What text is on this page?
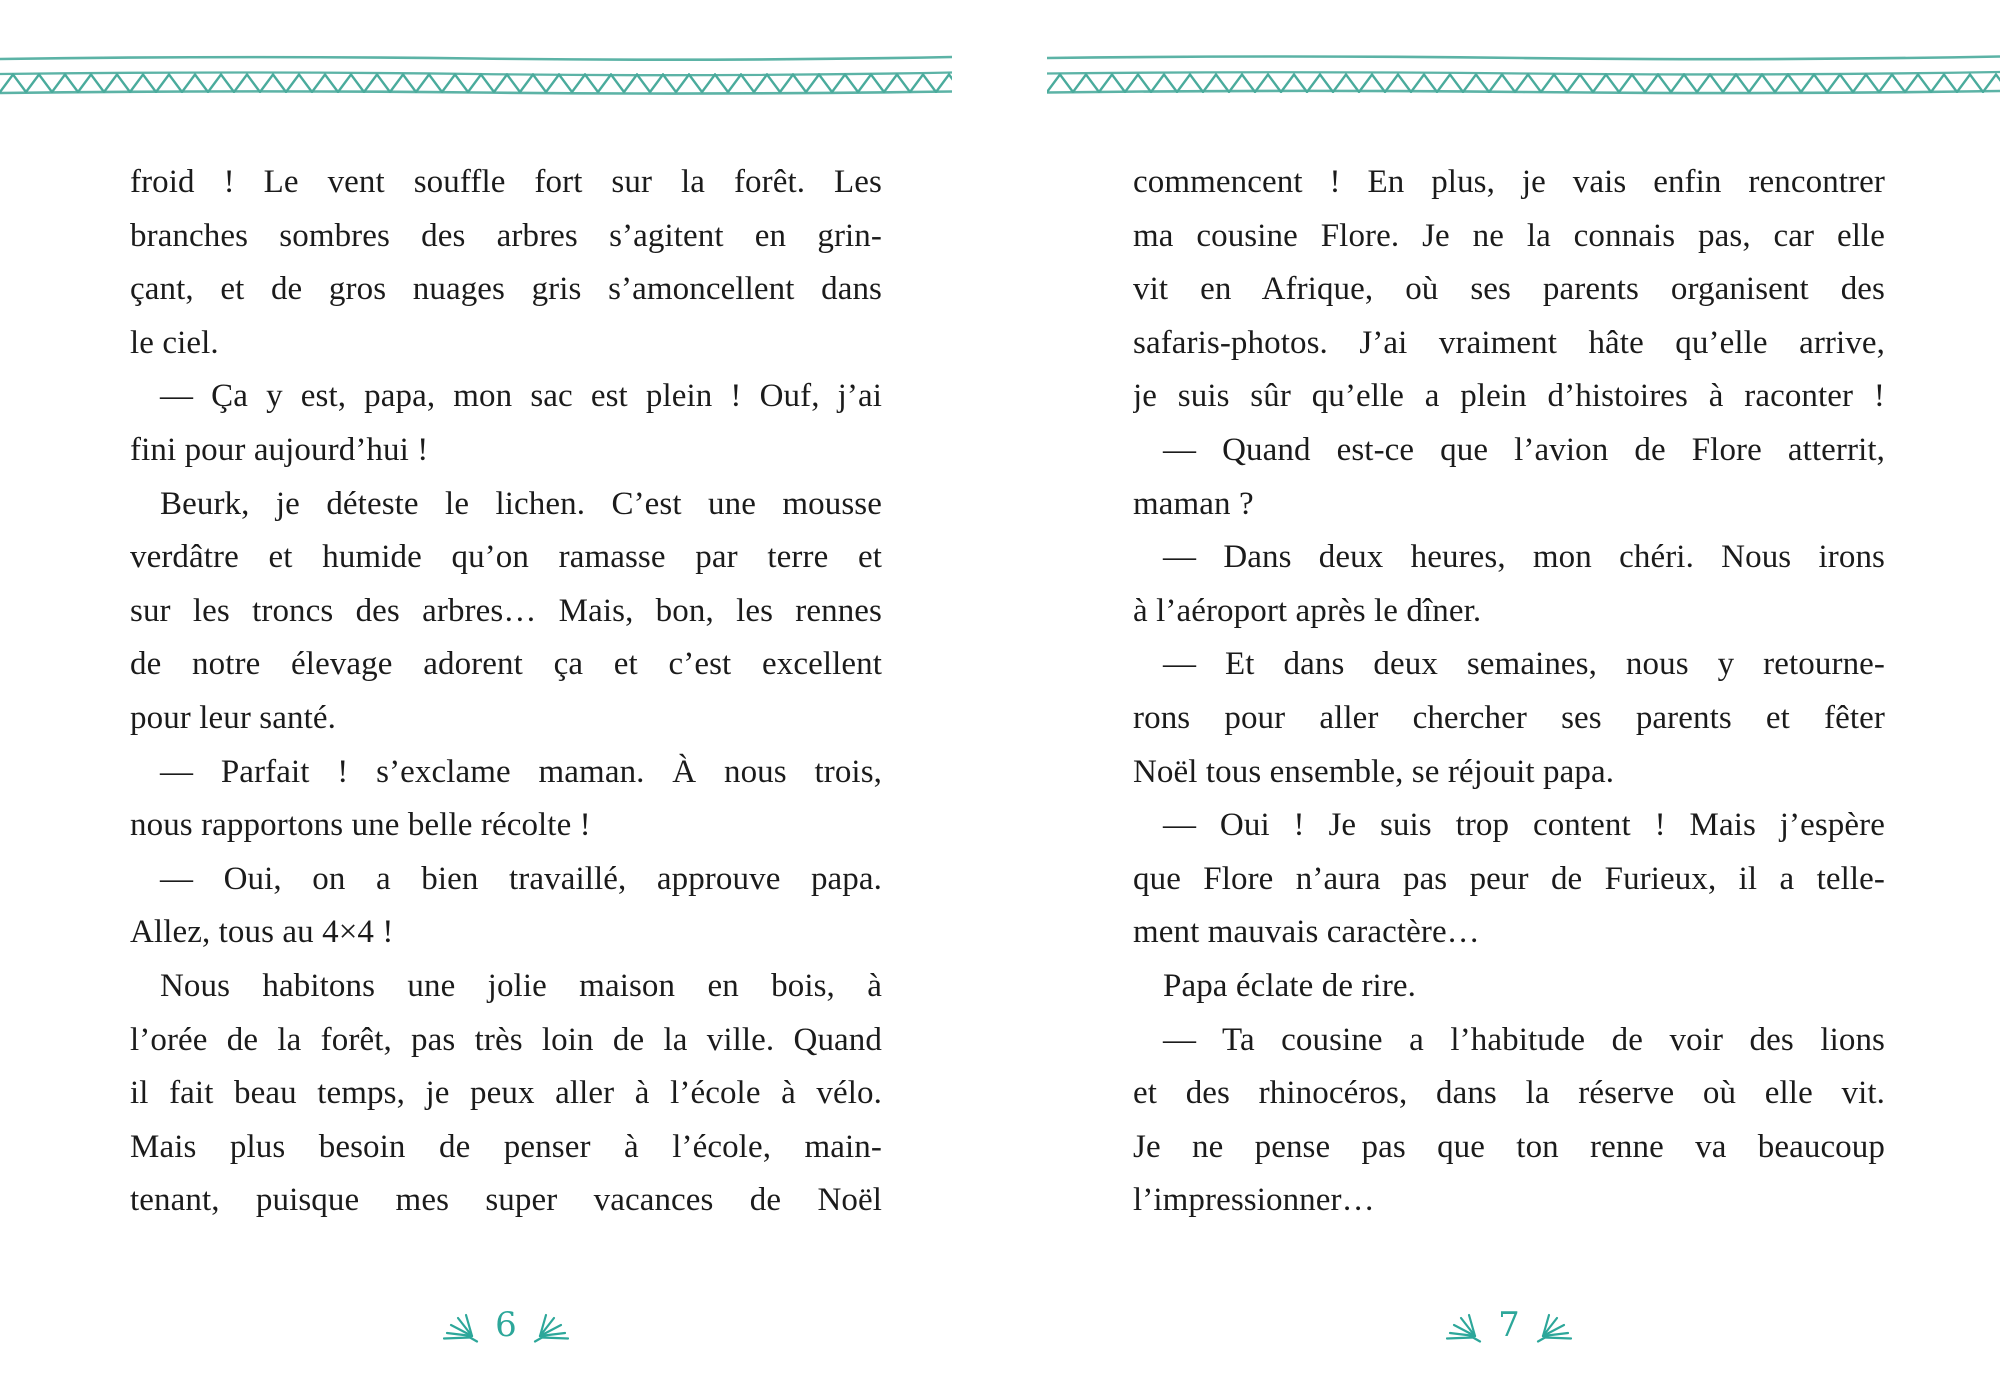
froid ! Le vent souffle fort sur la forêt. Les
branches sombres des arbres s’agitent en grin-
çant, et de gros nuages gris s’amoncellent dans
le ciel.
— Ça y est, papa, mon sac est plein ! Ouf, j’ai
fini pour aujourd’hui !
Beurk, je déteste le lichen. C’est une mousse
verdâtre et humide qu’on ramasse par terre et
sur les troncs des arbres… Mais, bon, les rennes
de notre élevage adorent ça et c’est excellent
pour leur santé.
— Parfait ! s’exclame maman. À nous trois,
nous rapportons une belle récolte !
— Oui, on a bien travaillé, approuve papa.
Allez, tous au 4×4 !
Nous habitons une jolie maison en bois, à
l’orée de la forêt, pas très loin de la ville. Quand
il fait beau temps, je peux aller à l’école à vélo.
Mais plus besoin de penser à l’école, main-
tenant, puisque mes super vacances de Noël
commencent ! En plus, je vais enfin rencontrer
ma cousine Flore. Je ne la connais pas, car elle
vit en Afrique, où ses parents organisent des
safaris-photos. J’ai vraiment hâte qu’elle arrive,
je suis sûr qu’elle a plein d’histoires à raconter !
— Quand est-ce que l’avion de Flore atterrit,
maman ?
— Dans deux heures, mon chéri. Nous irons
à l’aéroport après le dîner.
— Et dans deux semaines, nous y retourne-
rons pour aller chercher ses parents et fêter
Noël tous ensemble, se réjouit papa.
— Oui ! Je suis trop content ! Mais j’espère
que Flore n’aura pas peur de Furieux, il a telle-
ment mauvais caractère…
Papa éclate de rire.
— Ta cousine a l’habitude de voir des lions
et des rhinocéros, dans la réserve où elle vit.
Je ne pense pas que ton renne va beaucoup
l’impressionner…
6	7
